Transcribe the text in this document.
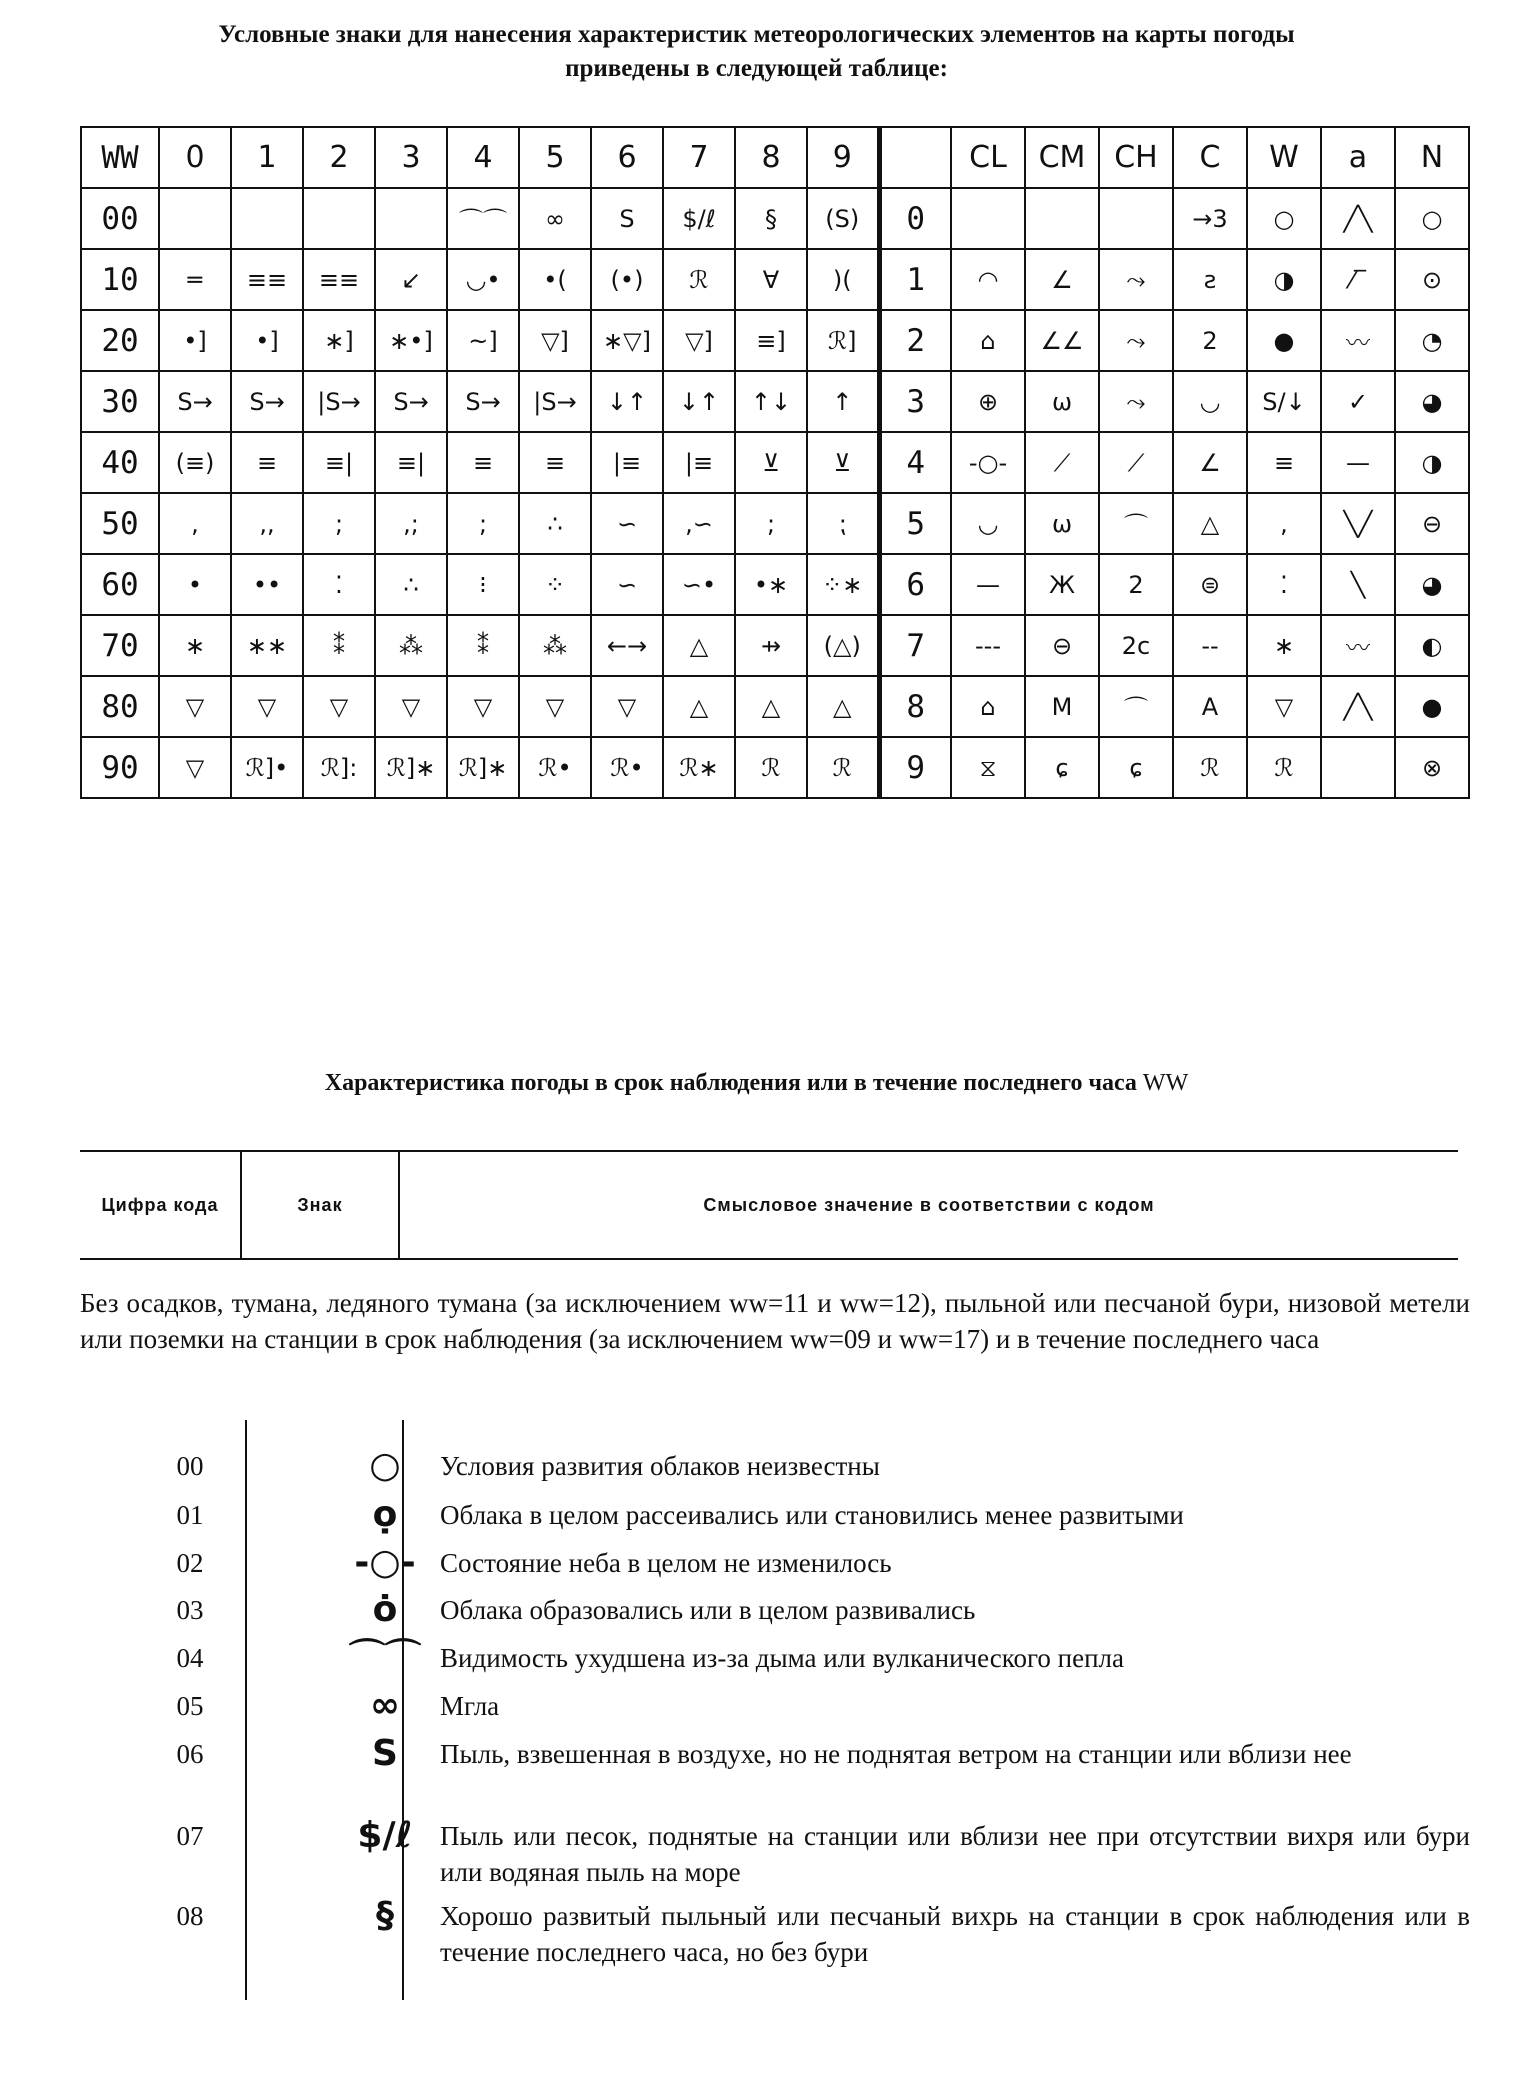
Условные знаки для нанесения характеристик метеорологических элементов на карты погоды
приведены в следующей таблице:
WW	0	1	2	3	4	5	6	7	8	9		CL	CM	CH	C	W	a	N
00					⌒⌒	∞	S	$/ℓ	§	(S)	0				→3	○	╱╲	○
10	═	≡≡	≡≡	↙	◡•	•(	(•)	ℛ	∀	)(	1	◠	∠	⤳	ƨ	◑	⁄‾	⊙
20	•]	•]	∗]	∗•]	~]	▽]	∗▽]	▽]	≡]	ℛ]	2	⌂	∠∠	⤳	2	●	〰	◔
30	S→	S→	|S→	S→	S→	|S→	↓↑	↓↑	↑↓	↑	3	⊕	ω	⤳	◡	S/↓	✓	◕
40	(≡)	≡	≡|	≡|	≡	≡	|≡	|≡	⊻	⊻	4	-○-	⟋	⟋	∠	≡	—	◑
50	,	,,	;	,;	;	∴	∽	,∽	;	⁏	5	◡	ω	⌒	△	,	╲╱	⊖
60	•	••	⁚	∴	⁝	⁘	∽	∽•	•∗	⁘∗	6	—	Ж	2	⊜	⁚	╲	◕
70	∗	∗∗	⁑	⁂	⁑	⁂	←→	△	⇸	(△)	7	---	⊖	2c	--	∗	〰	◐
80	▽	▽	▽	▽	▽	▽	▽	△	△	△	8	⌂	M	⌒	A	▽	╱╲	●
90	▽	ℛ]•	ℛ]:	ℛ]∗	ℛ]∗	ℛ•	ℛ•	ℛ∗	ℛ	ℛ	9	⧖	ɕ	ɕ	ℛ	ℛ		⊗
Характеристика погоды в срок наблюдения или в течение последнего часа WW
Цифра кода	Знак	Смысловое значение в соответствии с кодом
Без осадков, тумана, ледяного тумана (за исключением ww=11 и ww=12), пыльной или песчаной бури, низовой метели или поземки на станции в срок наблюдения (за исключением ww=09 и ww=17) и в течение последнего часа
00	○	Условия развития облаков неизвестны
01	ọ	Облака в целом рассеивались или становились менее развитыми
02	-○- Состояние неба в целом не изменилось
03	ȯ	Облака образовались или в целом развивались
04	⌒⌒ Видимость ухудшена из-за дыма или вулканического пепла
05	∞	Мгла
06	S	Пыль, взвешенная в воздухе, но не поднятая ветром на станции или вблизи нее
07	$/ℓ	Пыль или песок, поднятые на станции или вблизи нее при отсутствии вихря или бури или водяная пыль на море
08	§	Хорошо развитый пыльный или песчаный вихрь на станции в срок наблюдения или в течение последнего часа, но без бури
